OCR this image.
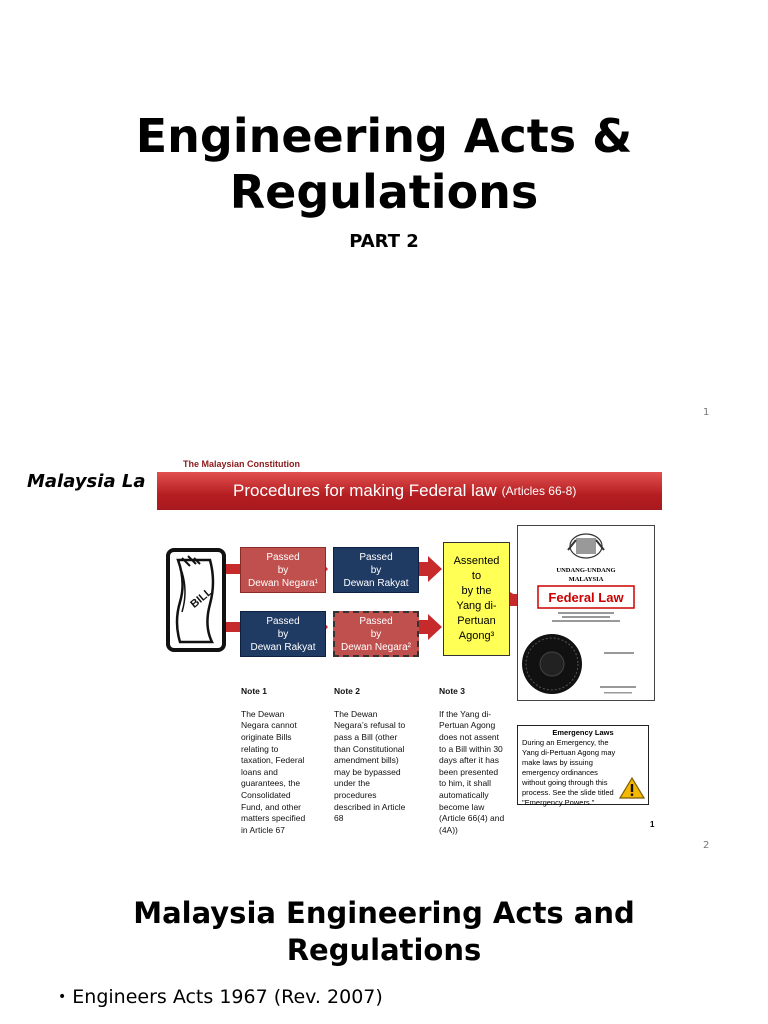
Engineering Acts &
Regulations
PART 2
1
Malaysia La
The Malaysian Constitution
Procedures for making Federal law (Articles 66-8)
BILL
Passed
by
Dewan Negara¹
Passed
by
Dewan Rakyat
Passed
by
Dewan Rakyat
Passed
by
Dewan Negara²
Assented
to
by the
Yang di-
Pertuan
Agong³
UNDANG-UNDANG
MALAYSIA
Federal Law

Note 1

The Dewan
Negara cannot
originate Bills
relating to
taxation, Federal
loans and
guarantees, the
Consolidated
Fund, and other
matters specified
in Article 67

Note 2

The Dewan
Negara’s refusal to
pass a Bill (other
than Constitutional
amendment bills)
may be bypassed
under the
procedures
described in Article
68

Note 3

If the Yang di-
Pertuan Agong
does not assent
to a Bill within 30
days after it has
been presented
to him, it shall
automatically
become law
(Article 66(4) and
(4A))

Emergency Laws
During an Emergency, the Yang di-Pertuan Agong may make laws by issuing emergency ordinances without going through this process. See the slide titled "Emergency Powers."
1
2
Malaysia Engineering Acts and
Regulations
• Engineers Acts 1967 (Rev. 2007)
